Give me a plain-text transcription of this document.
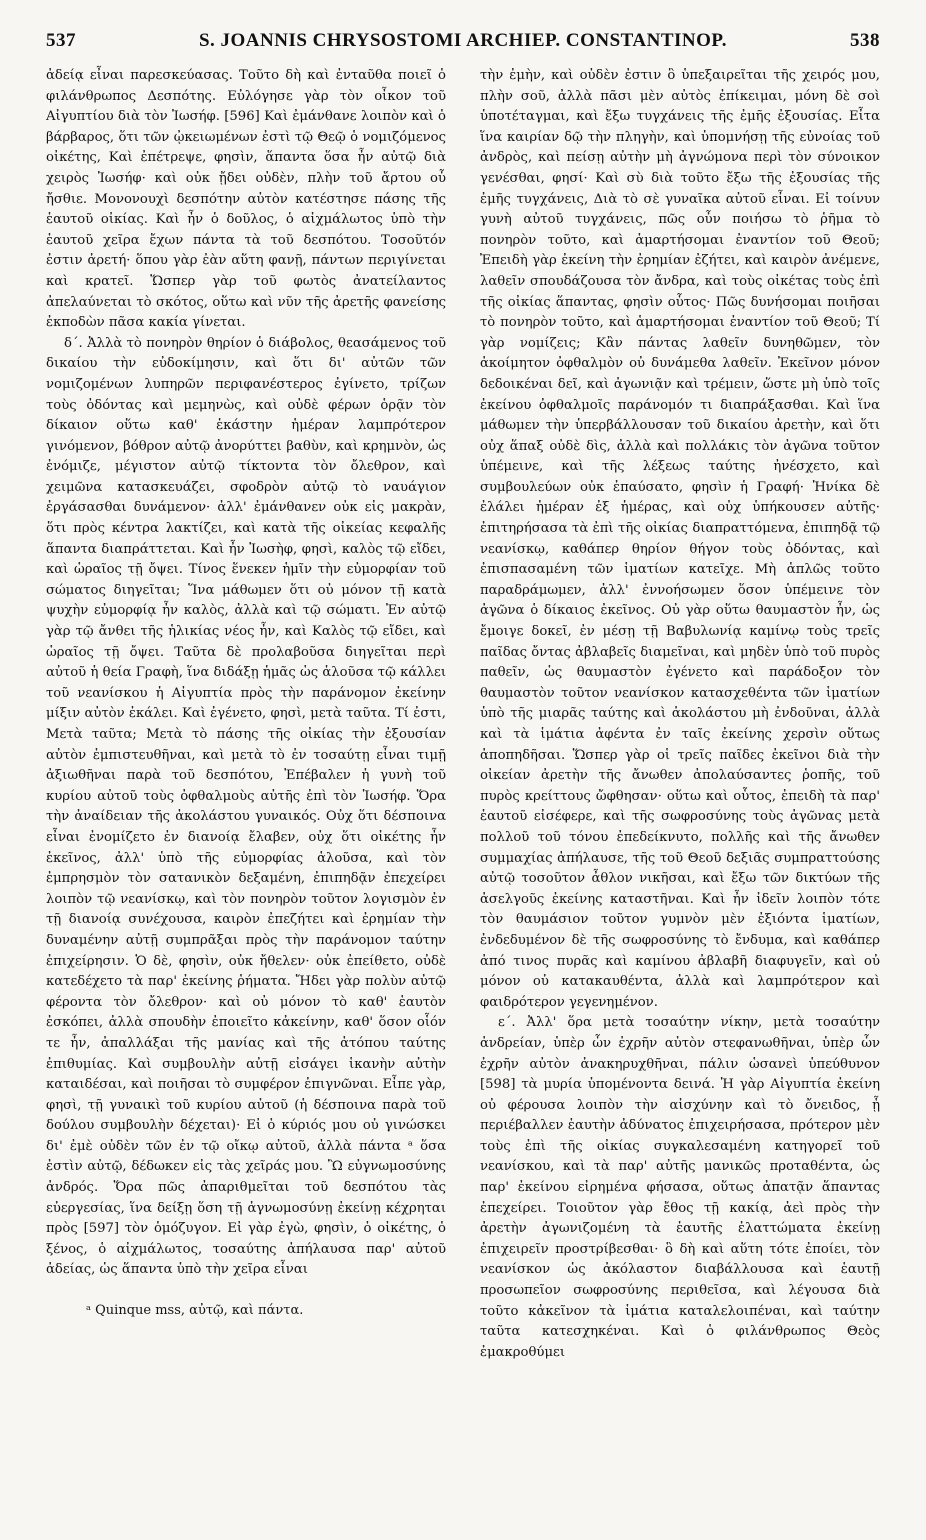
537	S. JOANNIS CHRYSOSTOMI ARCHIEP. CONSTANTINOP.	538

ἀδείᾳ εἶναι παρεσκεύασας. Τοῦτο δὴ καὶ ἐνταῦθα ποιεῖ ὁ φιλάνθρωπος Δεσπότης. Εὐλόγησε γὰρ τὸν οἶκον τοῦ Αἰγυπτίου διὰ τὸν Ἰωσήφ. [596] Καὶ ἐμάνθανε λοιπὸν καὶ ὁ βάρβαρος, ὅτι τῶν ᾠκειωμένων ἐστὶ τῷ Θεῷ ὁ νομιζόμενος οἰκέτης, Καὶ ἐπέτρεψε, φησὶν, ἅπαντα ὅσα ἦν αὐτῷ διὰ χειρὸς Ἰωσήφ· καὶ οὐκ ᾔδει οὐδὲν, πλὴν τοῦ ἄρτου οὗ ἤσθιε. Μονονουχὶ δεσπότην αὐτὸν κατέστησε πάσης τῆς ἑαυτοῦ οἰκίας. Καὶ ἦν ὁ δοῦλος, ὁ αἰχμάλωτος ὑπὸ τὴν ἑαυτοῦ χεῖρα ἔχων πάντα τὰ τοῦ δεσπότου. Τοσοῦτόν ἐστιν ἀρετή· ὅπου γὰρ ἐὰν αὕτη φανῇ, πάντων περιγίνεται καὶ κρατεῖ. Ὥσπερ γὰρ τοῦ φωτὸς ἀνατείλαντος ἀπελαύνεται τὸ σκότος, οὕτω καὶ νῦν τῆς ἀρετῆς φανείσης ἐκποδὼν πᾶσα κακία γίνεται.

δ΄. Ἀλλὰ τὸ πονηρὸν θηρίον ὁ διάβολος, θεασάμενος τοῦ δικαίου τὴν εὐδοκίμησιν, καὶ ὅτι δι' αὐτῶν τῶν νομιζομένων λυπηρῶν περιφανέστερος ἐγίνετο, τρίζων τοὺς ὀδόντας καὶ μεμηνὼς, καὶ οὐδὲ φέρων ὁρᾷν τὸν δίκαιον οὕτω καθ' ἑκάστην ἡμέραν λαμπρότερον γινόμενον, βόθρον αὐτῷ ἀνορύττει βαθὺν, καὶ κρημνὸν, ὡς ἐνόμιζε, μέγιστον αὐτῷ τίκτοντα τὸν ὄλεθρον, καὶ χειμῶνα κατασκευάζει, σφοδρὸν αὐτῷ τὸ ναυάγιον ἐργάσασθαι δυνάμενον· ἀλλ' ἐμάνθανεν οὐκ εἰς μακρὰν, ὅτι πρὸς κέντρα λακτίζει, καὶ κατὰ τῆς οἰκείας κεφαλῆς ἅπαντα διαπράττεται. Καὶ ἦν Ἰωσὴφ, φησὶ, καλὸς τῷ εἴδει, καὶ ὡραῖος τῇ ὄψει. Τίνος ἕνεκεν ἡμῖν τὴν εὐμορφίαν τοῦ σώματος διηγεῖται; Ἵνα μάθωμεν ὅτι οὐ μόνον τῇ κατὰ ψυχὴν εὐμορφίᾳ ἦν καλὸς, ἀλλὰ καὶ τῷ σώματι. Ἐν αὐτῷ γὰρ τῷ ἄνθει τῆς ἡλικίας νέος ἦν, καὶ Καλὸς τῷ εἴδει, καὶ ὡραῖος τῇ ὄψει. Ταῦτα δὲ προλαβοῦσα διηγεῖται περὶ αὐτοῦ ἡ θεία Γραφὴ, ἵνα διδάξῃ ἡμᾶς ὡς ἁλοῦσα τῷ κάλλει τοῦ νεανίσκου ἡ Αἰγυπτία πρὸς τὴν παράνομον ἐκείνην μίξιν αὐτὸν ἐκάλει. Καὶ ἐγένετο, φησὶ, μετὰ ταῦτα. Τί ἐστι, Μετὰ ταῦτα; Μετὰ τὸ πάσης τῆς οἰκίας τὴν ἐξουσίαν αὐτὸν ἐμπιστευθῆναι, καὶ μετὰ τὸ ἐν τοσαύτῃ εἶναι τιμῇ ἀξιωθῆναι παρὰ τοῦ δεσπότου, Ἐπέβαλεν ἡ γυνὴ τοῦ κυρίου αὐτοῦ τοὺς ὀφθαλμοὺς αὐτῆς ἐπὶ τὸν Ἰωσήφ. Ὅρα τὴν ἀναίδειαν τῆς ἀκολάστου γυναικός. Οὐχ ὅτι δέσποινα εἶναι ἐνομίζετο ἐν διανοίᾳ ἔλαβεν, οὐχ ὅτι οἰκέτης ἦν ἐκεῖνος, ἀλλ' ὑπὸ τῆς εὐμορφίας ἁλοῦσα, καὶ τὸν ἐμπρησμὸν τὸν σατανικὸν δεξαμένη, ἐπιπηδᾷν ἐπεχείρει λοιπὸν τῷ νεανίσκῳ, καὶ τὸν πονηρὸν τοῦτον λογισμὸν ἐν τῇ διανοίᾳ συνέχουσα, καιρὸν ἐπεζήτει καὶ ἐρημίαν τὴν δυναμένην αὐτῇ συμπρᾶξαι πρὸς τὴν παράνομον ταύτην ἐπιχείρησιν. Ὁ δὲ, φησὶν, οὐκ ἤθελεν· οὐκ ἐπείθετο, οὐδὲ κατεδέχετο τὰ παρ' ἐκείνης ῥήματα. Ἤδει γὰρ πολὺν αὐτῷ φέροντα τὸν ὄλεθρον· καὶ οὐ μόνον τὸ καθ' ἑαυτὸν ἐσκόπει, ἀλλὰ σπουδὴν ἐποιεῖτο κἀκείνην, καθ' ὅσον οἷόν τε ἦν, ἀπαλλάξαι τῆς μανίας καὶ τῆς ἀτόπου ταύτης ἐπιθυμίας. Καὶ συμβουλὴν αὐτῇ εἰσάγει ἱκανὴν αὐτὴν καταιδέσαι, καὶ ποιῆσαι τὸ συμφέρον ἐπιγνῶναι. Εἶπε γὰρ, φησὶ, τῇ γυναικὶ τοῦ κυρίου αὐτοῦ (ἡ δέσποινα παρὰ τοῦ δούλου συμβουλὴν δέχεται)· Εἰ ὁ κύριός μου οὐ γινώσκει δι' ἐμὲ οὐδὲν τῶν ἐν τῷ οἴκῳ αὐτοῦ, ἀλλὰ πάντα ᵃ ὅσα ἐστὶν αὐτῷ, δέδωκεν εἰς τὰς χεῖράς μου. Ὢ εὐγνωμοσύνης ἀνδρός. Ὅρα πῶς ἀπαριθμεῖται τοῦ δεσπότου τὰς εὐεργεσίας, ἵνα δείξῃ ὅση τῇ ἀγνωμοσύνῃ ἐκείνῃ κέχρηται πρὸς [597] τὸν ὁμόζυγον. Εἰ γὰρ ἐγὼ, φησὶν, ὁ οἰκέτης, ὁ ξένος, ὁ αἰχμάλωτος, τοσαύτης ἀπήλαυσα παρ' αὐτοῦ ἀδείας, ὡς ἅπαντα ὑπὸ τὴν χεῖρα εἶναι

ᵃ Quinque mss, αὐτῷ, καὶ πάντα.

τὴν ἐμὴν, καὶ οὐδὲν ἐστιν ὃ ὑπεξαιρεῖται τῆς χειρός μου, πλὴν σοῦ, ἀλλὰ πᾶσι μὲν αὐτὸς ἐπίκειμαι, μόνη δὲ σοὶ ὑποτέταγμαι, καὶ ἔξω τυγχάνεις τῆς ἐμῆς ἐξουσίας. Εἶτα ἵνα καιρίαν δῷ τὴν πληγὴν, καὶ ὑπομνήσῃ τῆς εὐνοίας τοῦ ἀνδρὸς, καὶ πείσῃ αὐτὴν μὴ ἀγνώμονα περὶ τὸν σύνοικον γενέσθαι, φησί· Καὶ σὺ διὰ τοῦτο ἔξω τῆς ἐξουσίας τῆς ἐμῆς τυγχάνεις, Διὰ τὸ σὲ γυναῖκα αὐτοῦ εἶναι. Εἰ τοίνυν γυνὴ αὐτοῦ τυγχάνεις, πῶς οὖν ποιήσω τὸ ῥῆμα τὸ πονηρὸν τοῦτο, καὶ ἁμαρτήσομαι ἐναντίον τοῦ Θεοῦ; Ἐπειδὴ γὰρ ἐκείνη τὴν ἐρημίαν ἐζήτει, καὶ καιρὸν ἀνέμενε, λαθεῖν σπουδάζουσα τὸν ἄνδρα, καὶ τοὺς οἰκέτας τοὺς ἐπὶ τῆς οἰκίας ἅπαντας, φησὶν οὗτος· Πῶς δυνήσομαι ποιῆσαι τὸ πονηρὸν τοῦτο, καὶ ἁμαρτήσομαι ἐναντίον τοῦ Θεοῦ; Τί γὰρ νομίζεις; Κἂν πάντας λαθεῖν δυνηθῶμεν, τὸν ἀκοίμητον ὀφθαλμὸν οὐ δυνάμεθα λαθεῖν. Ἐκεῖνον μόνον δεδοικέναι δεῖ, καὶ ἀγωνιᾷν καὶ τρέμειν, ὥστε μὴ ὑπὸ τοῖς ἐκείνου ὀφθαλμοῖς παράνομόν τι διαπράξασθαι. Καὶ ἵνα μάθωμεν τὴν ὑπερβάλλουσαν τοῦ δικαίου ἀρετὴν, καὶ ὅτι οὐχ ἅπαξ οὐδὲ δὶς, ἀλλὰ καὶ πολλάκις τὸν ἀγῶνα τοῦτον ὑπέμεινε, καὶ τῆς λέξεως ταύτης ἠνέσχετο, καὶ συμβουλεύων οὐκ ἐπαύσατο, φησὶν ἡ Γραφή· Ἡνίκα δὲ ἐλάλει ἡμέραν ἐξ ἡμέρας, καὶ οὐχ ὑπήκουσεν αὐτῆς· ἐπιτηρήσασα τὰ ἐπὶ τῆς οἰκίας διαπραττόμενα, ἐπιπηδᾷ τῷ νεανίσκῳ, καθάπερ θηρίον θήγον τοὺς ὀδόντας, καὶ ἐπισπασαμένη τῶν ἱματίων κατεῖχε. Μὴ ἁπλῶς τοῦτο παραδράμωμεν, ἀλλ' ἐννοήσωμεν ὅσον ὑπέμεινε τὸν ἀγῶνα ὁ δίκαιος ἐκεῖνος. Οὐ γὰρ οὕτω θαυμαστὸν ἦν, ὡς ἔμοιγε δοκεῖ, ἐν μέσῃ τῇ Βαβυλωνίᾳ καμίνῳ τοὺς τρεῖς παῖδας ὄντας ἀβλαβεῖς διαμεῖναι, καὶ μηδὲν ὑπὸ τοῦ πυρὸς παθεῖν, ὡς θαυμαστὸν ἐγένετο καὶ παράδοξον τὸν θαυμαστὸν τοῦτον νεανίσκον κατασχεθέντα τῶν ἱματίων ὑπὸ τῆς μιαρᾶς ταύτης καὶ ἀκολάστου μὴ ἐνδοῦναι, ἀλλὰ καὶ τὰ ἱμάτια ἀφέντα ἐν ταῖς ἐκείνης χερσὶν οὕτως ἀποπηδῆσαι. Ὥσπερ γὰρ οἱ τρεῖς παῖδες ἐκεῖνοι διὰ τὴν οἰκείαν ἀρετὴν τῆς ἄνωθεν ἀπολαύσαντες ῥοπῆς, τοῦ πυρὸς κρείττους ὤφθησαν· οὕτω καὶ οὗτος, ἐπειδὴ τὰ παρ' ἑαυτοῦ εἰσέφερε, καὶ τῆς σωφροσύνης τοὺς ἀγῶνας μετὰ πολλοῦ τοῦ τόνου ἐπεδείκνυτο, πολλῆς καὶ τῆς ἄνωθεν συμμαχίας ἀπήλαυσε, τῆς τοῦ Θεοῦ δεξιᾶς συμπραττούσης αὐτῷ τοσοῦτον ἆθλον νικῆσαι, καὶ ἔξω τῶν δικτύων τῆς ἀσελγοῦς ἐκείνης καταστῆναι. Καὶ ἦν ἰδεῖν λοιπὸν τότε τὸν θαυμάσιον τοῦτον γυμνὸν μὲν ἐξιόντα ἱματίων, ἐνδεδυμένον δὲ τῆς σωφροσύνης τὸ ἔνδυμα, καὶ καθάπερ ἀπό τινος πυρᾶς καὶ καμίνου ἀβλαβῆ διαφυγεῖν, καὶ οὐ μόνον οὐ κατακαυθέντα, ἀλλὰ καὶ λαμπρότερον καὶ φαιδρότερον γεγενημένον.

ε΄. Ἀλλ' ὅρα μετὰ τοσαύτην νίκην, μετὰ τοσαύτην ἀνδρείαν, ὑπὲρ ὧν ἐχρῆν αὐτὸν στεφανωθῆναι, ὑπὲρ ὧν ἐχρῆν αὐτὸν ἀνακηρυχθῆναι, πάλιν ὡσανεὶ ὑπεύθυνον [598] τὰ μυρία ὑπομένοντα δεινά. Ἡ γὰρ Αἰγυπτία ἐκείνη οὐ φέρουσα λοιπὸν τὴν αἰσχύνην καὶ τὸ ὄνειδος, ᾗ περιέβαλλεν ἑαυτὴν ἀδύνατος ἐπιχειρήσασα, πρότερον μὲν τοὺς ἐπὶ τῆς οἰκίας συγκαλεσαμένη κατηγορεῖ τοῦ νεανίσκου, καὶ τὰ παρ' αὐτῆς μανικῶς προταθέντα, ὡς παρ' ἐκείνου εἰρημένα φήσασα, οὕτως ἀπατᾷν ἅπαντας ἐπεχείρει. Τοιοῦτον γὰρ ἔθος τῇ κακίᾳ, ἀεὶ πρὸς τὴν ἀρετὴν ἀγωνιζομένη τὰ ἑαυτῆς ἐλαττώματα ἐκείνῃ ἐπιχειρεῖν προστρίβεσθαι· ὃ δὴ καὶ αὕτη τότε ἐποίει, τὸν νεανίσκον ὡς ἀκόλαστον διαβάλλουσα καὶ ἑαυτῇ προσωπεῖον σωφροσύνης περιθεῖσα, καὶ λέγουσα διὰ τοῦτο κἀκεῖνον τὰ ἱμάτια καταλελοιπέναι, καὶ ταύτην ταῦτα κατεσχηκέναι. Καὶ ὁ φιλάνθρωπος Θεὸς ἐμακροθύμει
